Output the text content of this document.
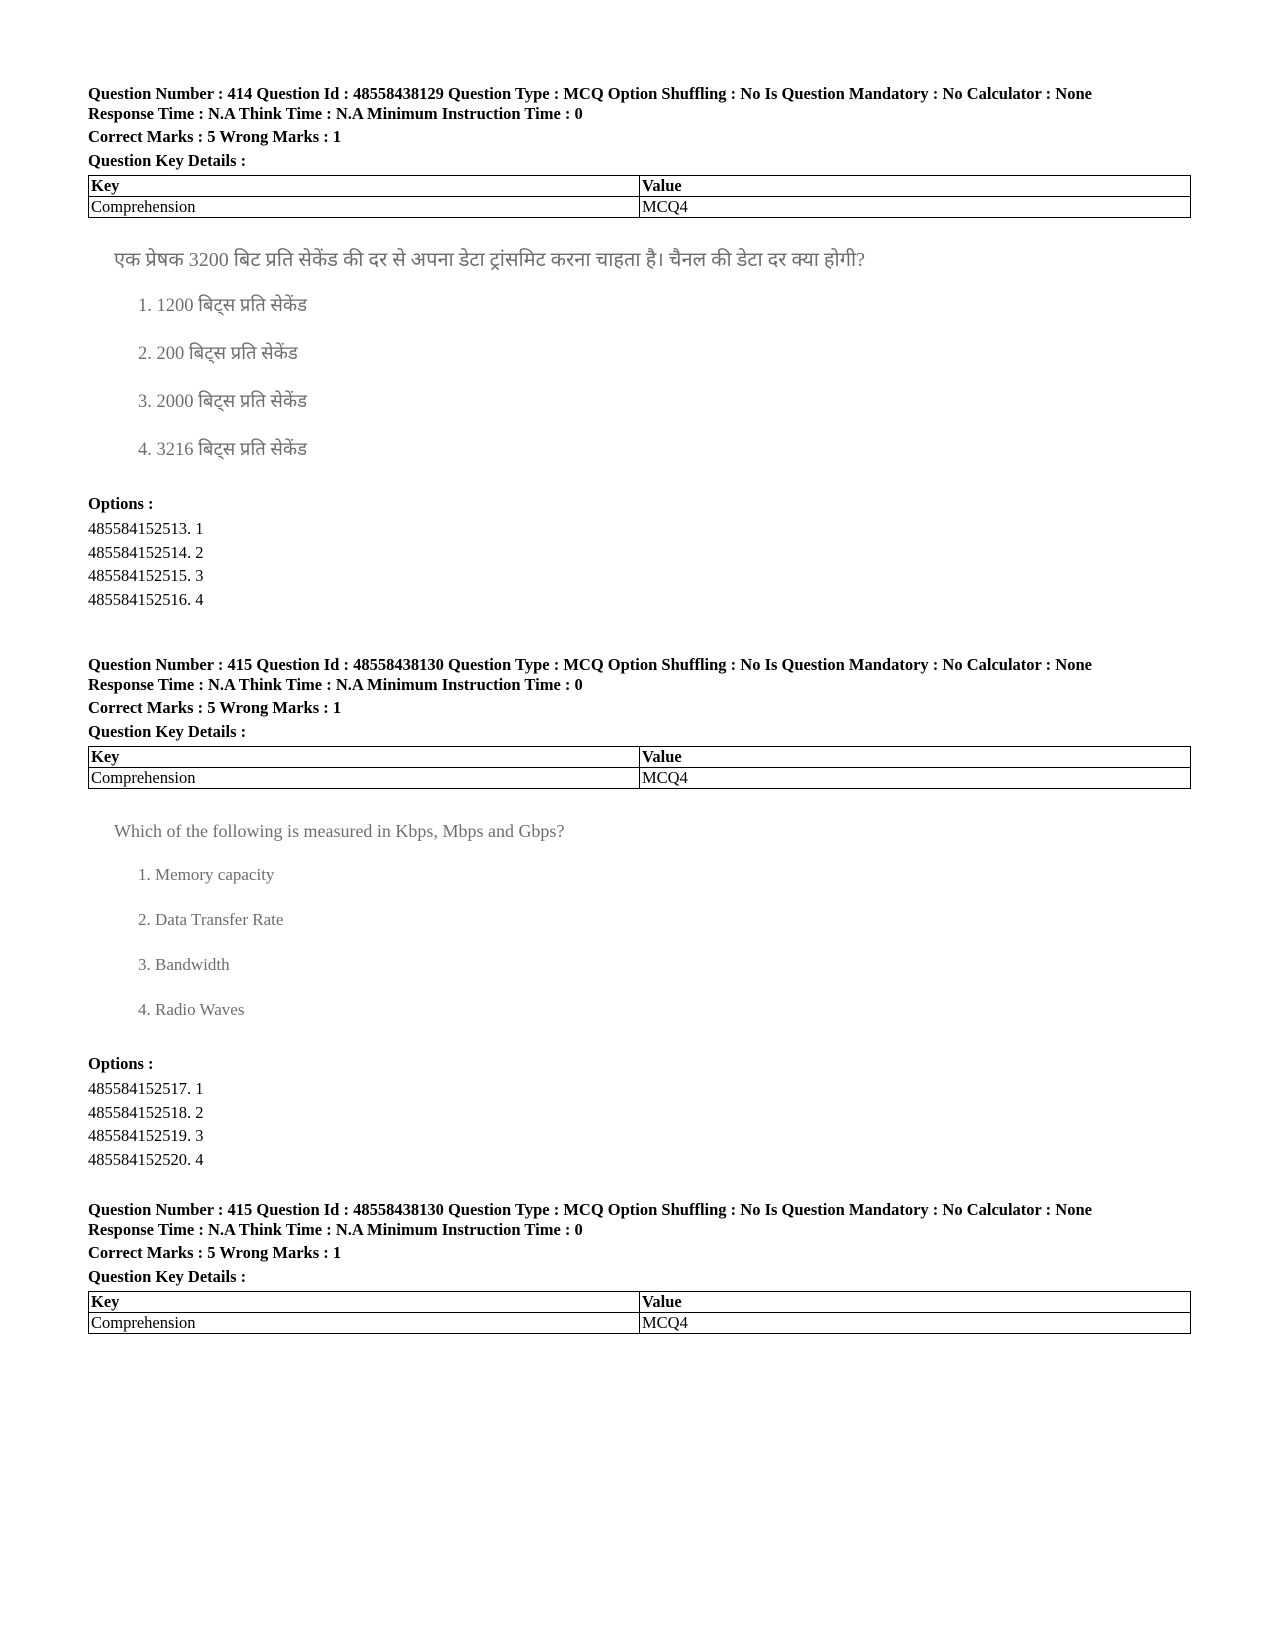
Question Number : 414 Question Id : 48558438129 Question Type : MCQ Option Shuffling : No Is Question Mandatory : No Calculator : None
Response Time : N.A Think Time : N.A Minimum Instruction Time : 0
Correct Marks : 5 Wrong Marks : 1
Question Key Details :
Key	Value
Comprehension	MCQ4
एक प्रेषक 3200 बिट प्रति सेकेंड की दर से अपना डेटा ट्रांसमिट करना चाहता है। चैनल की डेटा दर क्या होगी?
1. 1200 बिट्स प्रति सेकेंड
2. 200 बिट्स प्रति सेकेंड
3. 2000 बिट्स प्रति सेकेंड
4. 3216 बिट्स प्रति सेकेंड
Options :
485584152513. 1
485584152514. 2
485584152515. 3
485584152516. 4
Question Number : 415 Question Id : 48558438130 Question Type : MCQ Option Shuffling : No Is Question Mandatory : No Calculator : None
Response Time : N.A Think Time : N.A Minimum Instruction Time : 0
Correct Marks : 5 Wrong Marks : 1
Question Key Details :
Key	Value
Comprehension	MCQ4
Which of the following is measured in Kbps, Mbps and Gbps?
1. Memory capacity
2. Data Transfer Rate
3. Bandwidth
4. Radio Waves
Options :
485584152517. 1
485584152518. 2
485584152519. 3
485584152520. 4
Question Number : 415 Question Id : 48558438130 Question Type : MCQ Option Shuffling : No Is Question Mandatory : No Calculator : None
Response Time : N.A Think Time : N.A Minimum Instruction Time : 0
Correct Marks : 5 Wrong Marks : 1
Question Key Details :
Key	Value
Comprehension	MCQ4
